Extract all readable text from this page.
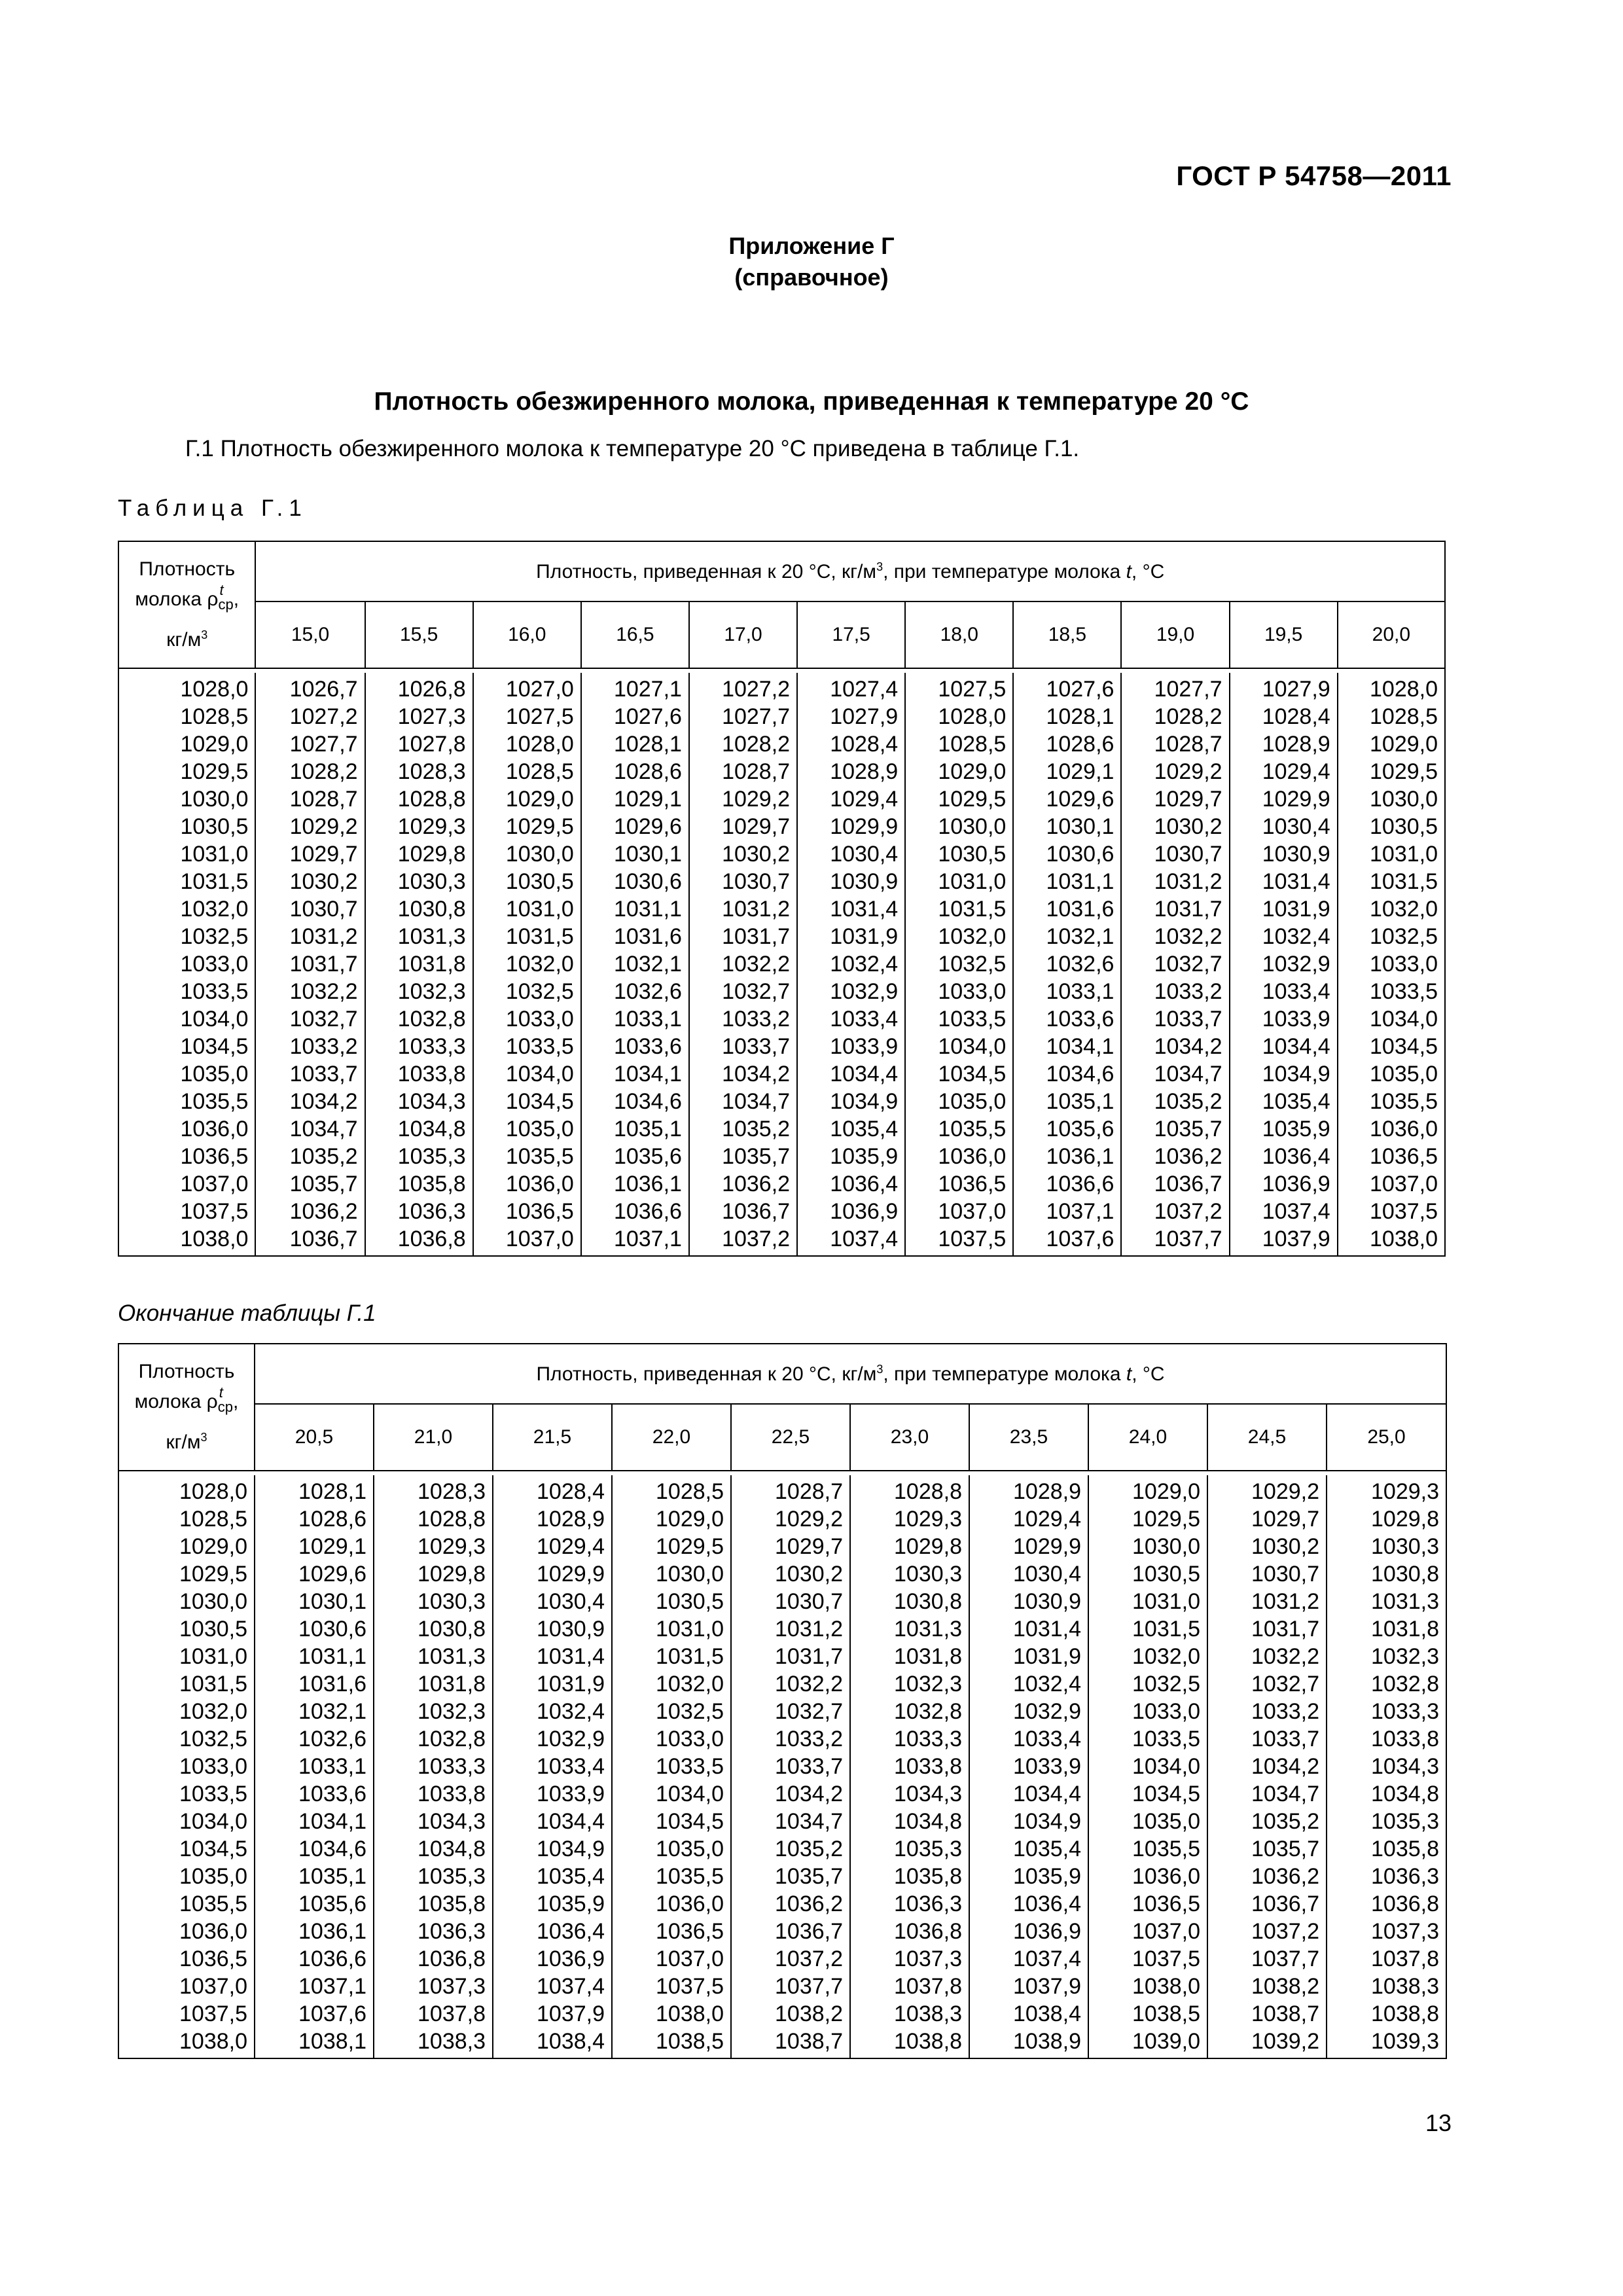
ГОСТ Р 54758—2011
Приложение Г
(справочное)
Плотность обезжиренного молока, приведенная к температуре 20 °С
Г.1 Плотность обезжиренного молока к температуре 20 °С приведена в таблице Г.1.
Таблица Г.1
Плотность
молока ρ t
$_{ср}$,
$кг/м^3$	Плотность, приведенная к 20 °С, $кг/м^3$, при температуре молока t, °С										
	15,0	15,5	16,0	16,5	17,0	17,5	18,0	18,5	19,0	19,5	20,0

1028,0	1026,7	1026,8	1027,0	1027,1	1027,2	1027,4	1027,5	1027,6	1027,7	1027,9	1028,0
1028,5	1027,2	1027,3	1027,5	1027,6	1027,7	1027,9	1028,0	1028,1	1028,2	1028,4	1028,5
1029,0	1027,7	1027,8	1028,0	1028,1	1028,2	1028,4	1028,5	1028,6	1028,7	1028,9	1029,0
1029,5	1028,2	1028,3	1028,5	1028,6	1028,7	1028,9	1029,0	1029,1	1029,2	1029,4	1029,5
1030,0	1028,7	1028,8	1029,0	1029,1	1029,2	1029,4	1029,5	1029,6	1029,7	1029,9	1030,0
1030,5	1029,2	1029,3	1029,5	1029,6	1029,7	1029,9	1030,0	1030,1	1030,2	1030,4	1030,5
1031,0	1029,7	1029,8	1030,0	1030,1	1030,2	1030,4	1030,5	1030,6	1030,7	1030,9	1031,0
1031,5	1030,2	1030,3	1030,5	1030,6	1030,7	1030,9	1031,0	1031,1	1031,2	1031,4	1031,5
1032,0	1030,7	1030,8	1031,0	1031,1	1031,2	1031,4	1031,5	1031,6	1031,7	1031,9	1032,0
1032,5	1031,2	1031,3	1031,5	1031,6	1031,7	1031,9	1032,0	1032,1	1032,2	1032,4	1032,5
1033,0	1031,7	1031,8	1032,0	1032,1	1032,2	1032,4	1032,5	1032,6	1032,7	1032,9	1033,0
1033,5	1032,2	1032,3	1032,5	1032,6	1032,7	1032,9	1033,0	1033,1	1033,2	1033,4	1033,5
1034,0	1032,7	1032,8	1033,0	1033,1	1033,2	1033,4	1033,5	1033,6	1033,7	1033,9	1034,0
1034,5	1033,2	1033,3	1033,5	1033,6	1033,7	1033,9	1034,0	1034,1	1034,2	1034,4	1034,5
1035,0	1033,7	1033,8	1034,0	1034,1	1034,2	1034,4	1034,5	1034,6	1034,7	1034,9	1035,0
1035,5	1034,2	1034,3	1034,5	1034,6	1034,7	1034,9	1035,0	1035,1	1035,2	1035,4	1035,5
1036,0	1034,7	1034,8	1035,0	1035,1	1035,2	1035,4	1035,5	1035,6	1035,7	1035,9	1036,0
1036,5	1035,2	1035,3	1035,5	1035,6	1035,7	1035,9	1036,0	1036,1	1036,2	1036,4	1036,5
1037,0	1035,7	1035,8	1036,0	1036,1	1036,2	1036,4	1036,5	1036,6	1036,7	1036,9	1037,0
1037,5	1036,2	1036,3	1036,5	1036,6	1036,7	1036,9	1037,0	1037,1	1037,2	1037,4	1037,5
1038,0	1036,7	1036,8	1037,0	1037,1	1037,2	1037,4	1037,5	1037,6	1037,7	1037,9	1038,0
Окончание таблицы Г.1
Плотность
молока ρ t
$_{ср}$,
$кг/м^3$	Плотность, приведенная к 20 °С, $кг/м^3$, при температуре молока t, °С									
	20,5	21,0	21,5	22,0	22,5	23,0	23,5	24,0	24,5	25,0

1028,0	1028,1	1028,3	1028,4	1028,5	1028,7	1028,8	1028,9	1029,0	1029,2	1029,3
1028,5	1028,6	1028,8	1028,9	1029,0	1029,2	1029,3	1029,4	1029,5	1029,7	1029,8
1029,0	1029,1	1029,3	1029,4	1029,5	1029,7	1029,8	1029,9	1030,0	1030,2	1030,3
1029,5	1029,6	1029,8	1029,9	1030,0	1030,2	1030,3	1030,4	1030,5	1030,7	1030,8
1030,0	1030,1	1030,3	1030,4	1030,5	1030,7	1030,8	1030,9	1031,0	1031,2	1031,3
1030,5	1030,6	1030,8	1030,9	1031,0	1031,2	1031,3	1031,4	1031,5	1031,7	1031,8
1031,0	1031,1	1031,3	1031,4	1031,5	1031,7	1031,8	1031,9	1032,0	1032,2	1032,3
1031,5	1031,6	1031,8	1031,9	1032,0	1032,2	1032,3	1032,4	1032,5	1032,7	1032,8
1032,0	1032,1	1032,3	1032,4	1032,5	1032,7	1032,8	1032,9	1033,0	1033,2	1033,3
1032,5	1032,6	1032,8	1032,9	1033,0	1033,2	1033,3	1033,4	1033,5	1033,7	1033,8
1033,0	1033,1	1033,3	1033,4	1033,5	1033,7	1033,8	1033,9	1034,0	1034,2	1034,3
1033,5	1033,6	1033,8	1033,9	1034,0	1034,2	1034,3	1034,4	1034,5	1034,7	1034,8
1034,0	1034,1	1034,3	1034,4	1034,5	1034,7	1034,8	1034,9	1035,0	1035,2	1035,3
1034,5	1034,6	1034,8	1034,9	1035,0	1035,2	1035,3	1035,4	1035,5	1035,7	1035,8
1035,0	1035,1	1035,3	1035,4	1035,5	1035,7	1035,8	1035,9	1036,0	1036,2	1036,3
1035,5	1035,6	1035,8	1035,9	1036,0	1036,2	1036,3	1036,4	1036,5	1036,7	1036,8
1036,0	1036,1	1036,3	1036,4	1036,5	1036,7	1036,8	1036,9	1037,0	1037,2	1037,3
1036,5	1036,6	1036,8	1036,9	1037,0	1037,2	1037,3	1037,4	1037,5	1037,7	1037,8
1037,0	1037,1	1037,3	1037,4	1037,5	1037,7	1037,8	1037,9	1038,0	1038,2	1038,3
1037,5	1037,6	1037,8	1037,9	1038,0	1038,2	1038,3	1038,4	1038,5	1038,7	1038,8
1038,0	1038,1	1038,3	1038,4	1038,5	1038,7	1038,8	1038,9	1039,0	1039,2	1039,3
13
